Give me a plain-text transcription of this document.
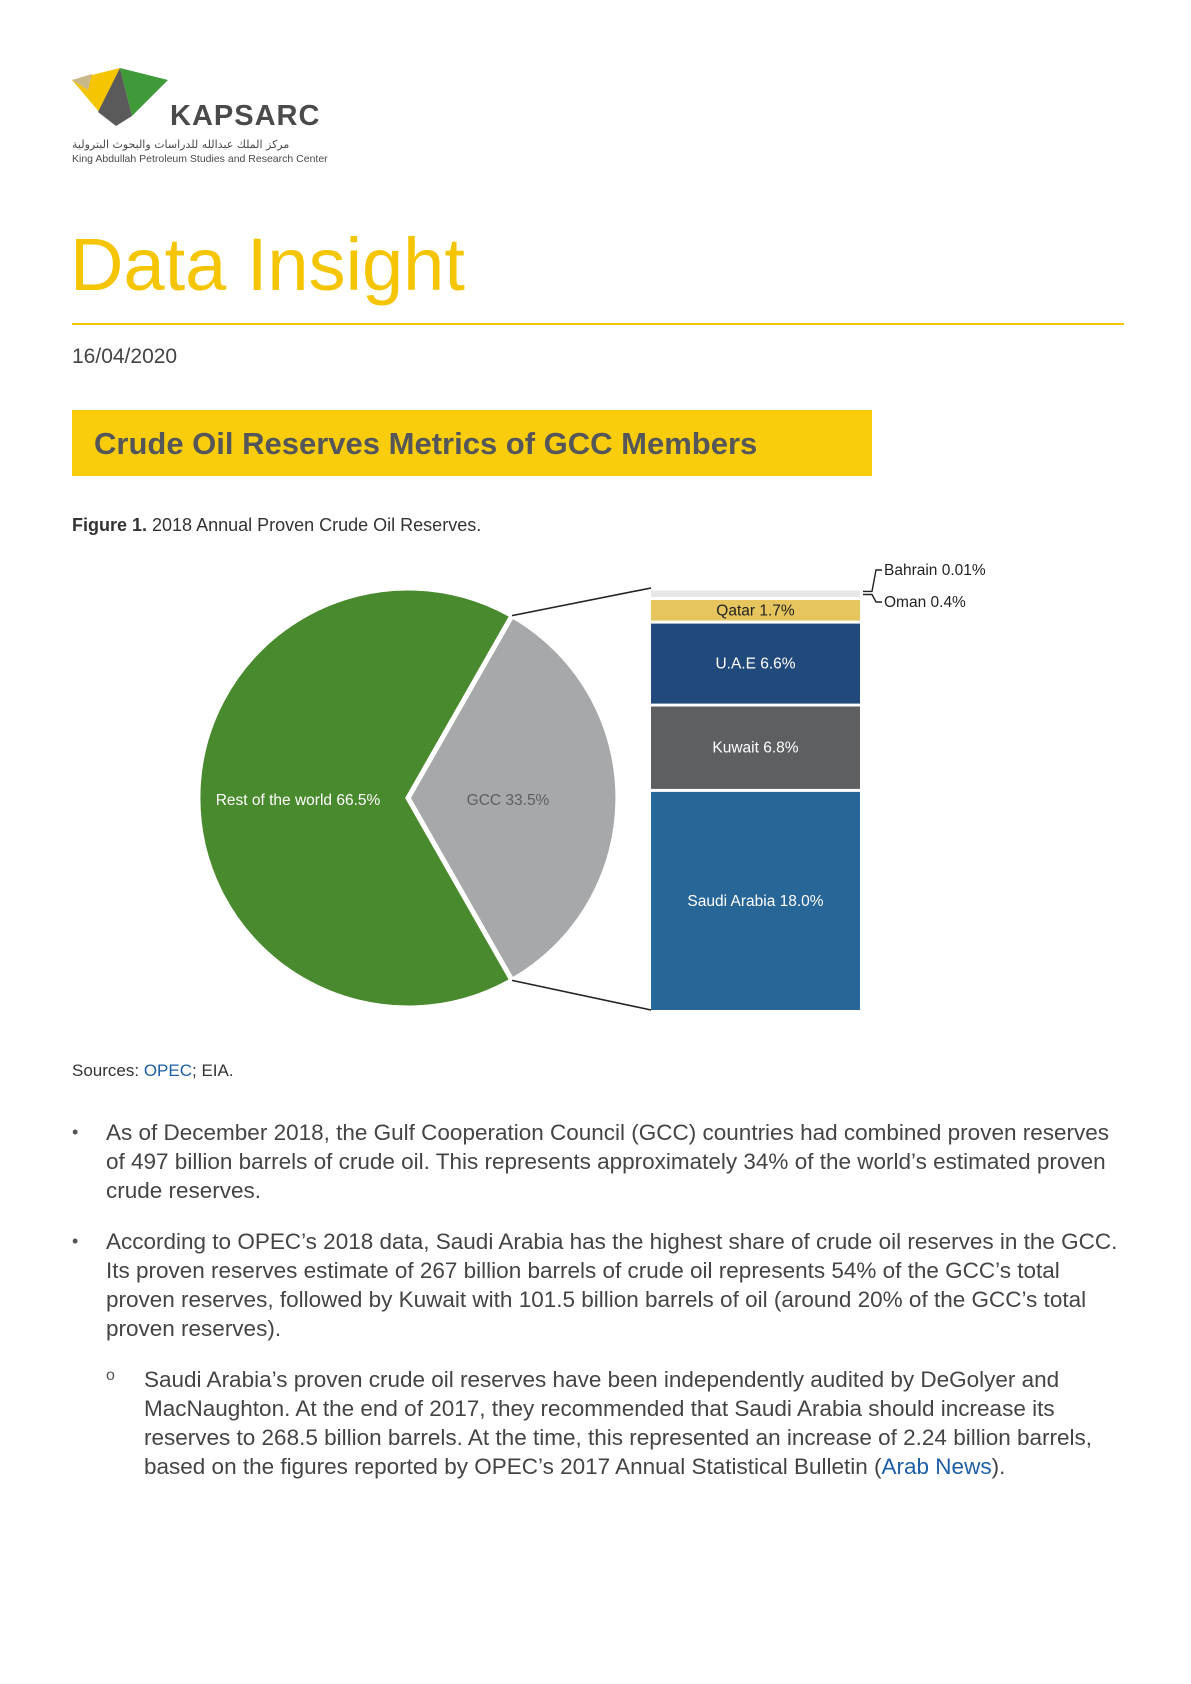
KAPSARC
مركز الملك عبدالله للدراسات والبحوث البترولية
King Abdullah Petroleum Studies and Research Center
Data Insight
16/04/2020
Crude Oil Reserves Metrics of GCC Members
Figure 1. 2018 Annual Proven Crude Oil Reserves.
Rest of the world 66.5%	GCC 33.5%
Saudi Arabia 18.0%
Kuwait 6.8%
U.A.E 6.6%
Qatar 1.7%	Oman 0.4%
Bahrain 0.01%
Sources: OPEC; EIA.
• As of December 2018, the Gulf Cooperation Council (GCC) countries had combined proven reserves of 497 billion barrels of crude oil. This represents approximately 34% of the world’s estimated proven crude reserves.
• According to OPEC’s 2018 data, Saudi Arabia has the highest share of crude oil reserves in the GCC. Its proven reserves estimate of 267 billion barrels of crude oil represents 54% of the GCC’s total proven reserves, followed by Kuwait with 101.5 billion barrels of oil (around 20% of the GCC’s total proven reserves).
o Saudi Arabia’s proven crude oil reserves have been independently audited by DeGolyer and MacNaughton. At the end of 2017, they recommended that Saudi Arabia should increase its reserves to 268.5 billion barrels. At the time, this represented an increase of 2.24 billion barrels, based on the figures reported by OPEC’s 2017 Annual Statistical Bulletin (Arab News).
